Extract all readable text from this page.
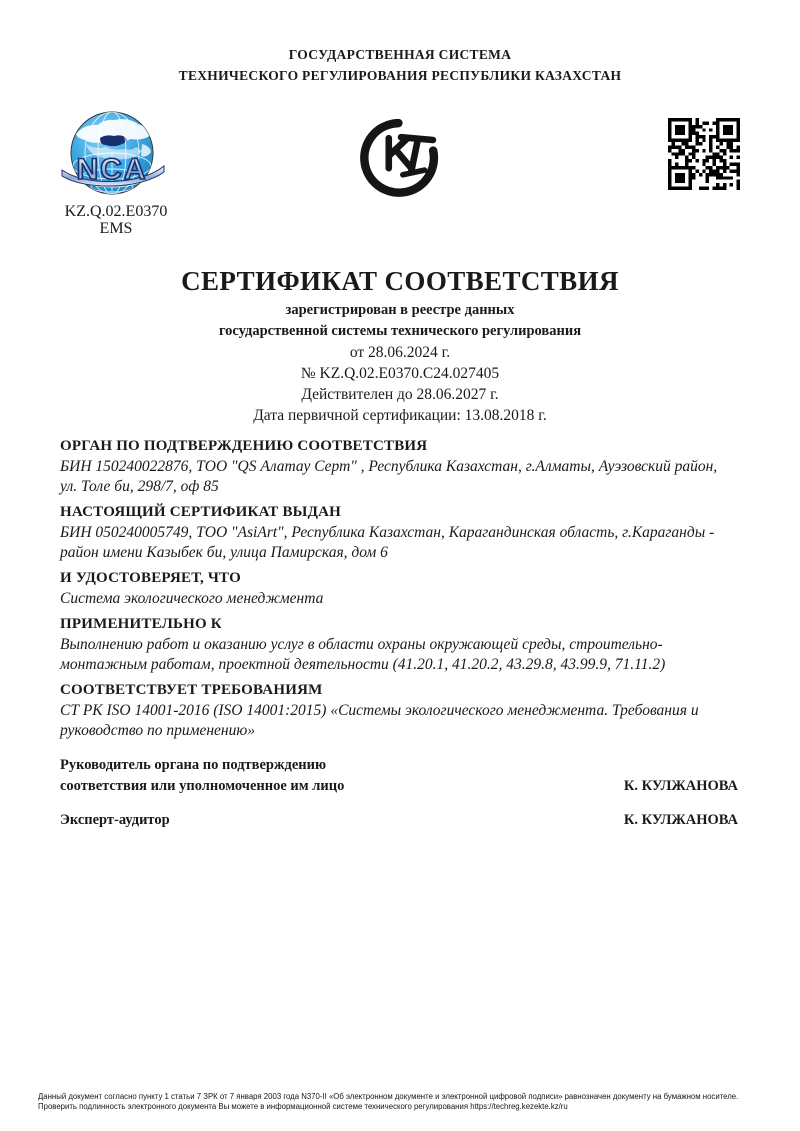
ГОСУДАРСТВЕННАЯ СИСТЕМА
ТЕХНИЧЕСКОГО РЕГУЛИРОВАНИЯ РЕСПУБЛИКИ КАЗАХСТАН
NCA
KZ.Q.02.E0370
EMS
СЕРТИФИКАТ СООТВЕТСТВИЯ
зарегистрирован в реестре данных
государственной системы технического регулирования
от 28.06.2024 г.
№ KZ.Q.02.E0370.C24.027405
Действителен до 28.06.2027 г.
Дата первичной сертификации: 13.08.2018 г.
ОРГАН ПО ПОДТВЕРЖДЕНИЮ СООТВЕТСТВИЯ

БИН 150240022876, ТОО "QS Алатау Серт" , Республика Казахстан, г.Алматы, Ауэзовский район, ул. Толе би, 298/7, оф 85

НАСТОЯЩИЙ СЕРТИФИКАТ ВЫДАН

БИН 050240005749, ТОО "AsiArt", Республика Казахстан, Карагандинская область, г.Караганды - район имени Казыбек би, улица Памирская, дом 6

И УДОСТОВЕРЯЕТ, ЧТО

Система экологического менеджмента

ПРИМЕНИТЕЛЬНО К

Выполнению работ и оказанию услуг в области охраны окружающей среды, строительно-монтажным работам, проектной деятельности (41.20.1, 41.20.2, 43.29.8, 43.99.9, 71.11.2)

СООТВЕТСТВУЕТ ТРЕБОВАНИЯМ

СТ РК ISO 14001-2016 (ISO 14001:2015) «Системы экологического менеджмента. Требования и руководство по применению»

Руководитель органа по подтверждению
соответствия или уполномоченное им лицо	К. КУЛЖАНОВА
Эксперт-аудитор	К. КУЛЖАНОВА
Данный документ согласно пункту 1 статьи 7 ЗРК от 7 января 2003 года N370-II «Об электронном документе и электронной цифровой подписи» равнозначен документу на бумажном носителе.
Проверить подлинность электронного документа Вы можете в информационной системе технического регулирования https://techreg.kezekte.kz/ru
